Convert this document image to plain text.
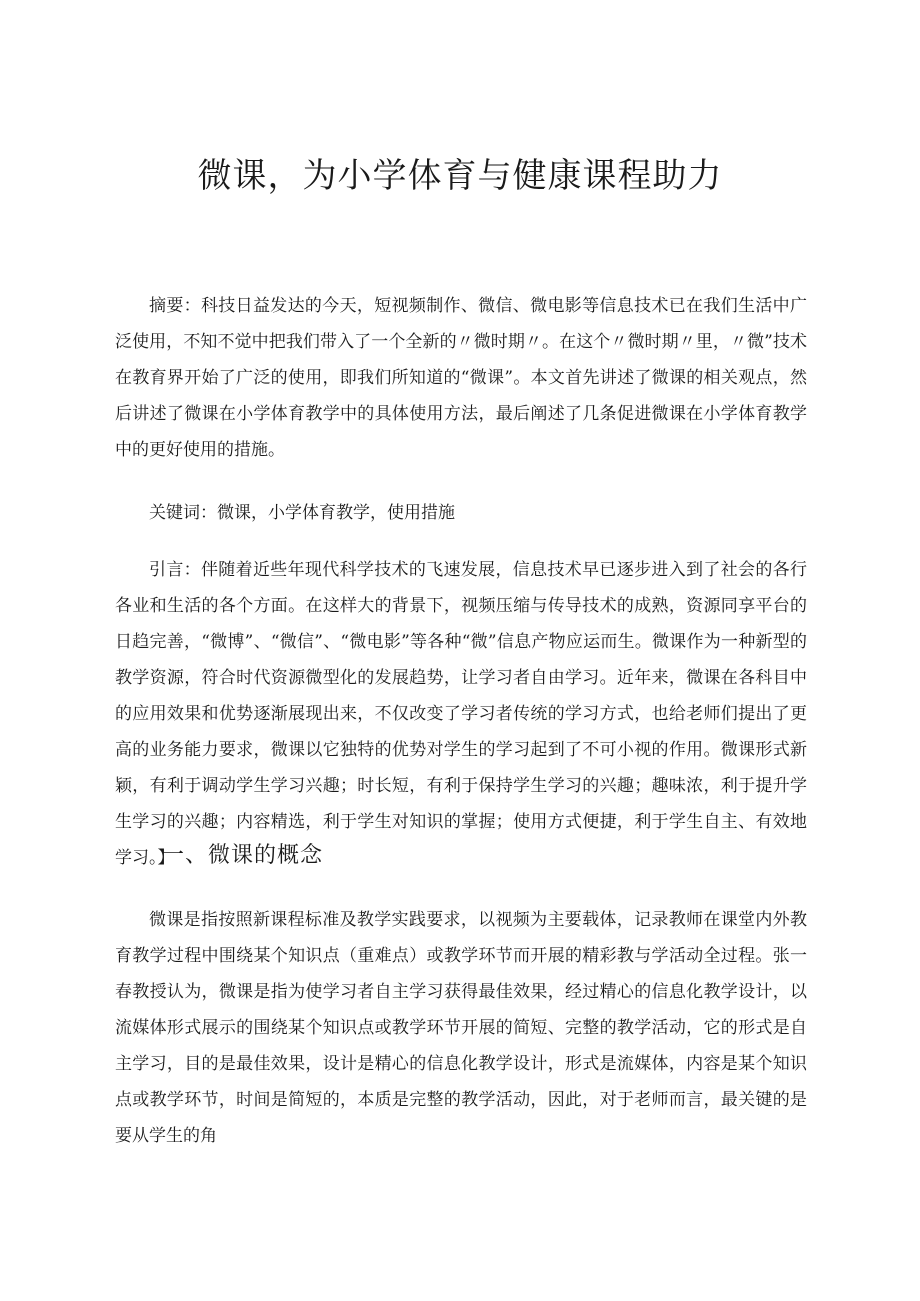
微课，为小学体育与健康课程助力

摘要：科技日益发达的今天，短视频制作、微信、微电影等信息技术已在我们生活中广泛使用，不知不觉中把我们带入了一个全新的〃微时期〃。在这个〃微时期〃里，〃微”技术在教育界开始了广泛的使用，即我们所知道的“微课”。本文首先讲述了微课的相关观点，然后讲述了微课在小学体育教学中的具体使用方法，最后阐述了几条促进微课在小学体育教学中的更好使用的措施。

关键词：微课，小学体育教学，使用措施

引言：伴随着近些年现代科学技术的飞速发展，信息技术早已逐步进入到了社会的各行各业和生活的各个方面。在这样大的背景下，视频压缩与传导技术的成熟，资源同享平台的日趋完善，“微博”、“微信”、“微电影”等各种“微”信息产物应运而生。微课作为一种新型的教学资源，符合时代资源微型化的发展趋势，让学习者自由学习。近年来，微课在各科目中的应用效果和优势逐渐展现出来，不仅改变了学习者传统的学习方式，也给老师们提出了更高的业务能力要求，微课以它独特的优势对学生的学习起到了不可小视的作用。微课形式新颖，有利于调动学生学习兴趣；时长短，有利于保持学生学习的兴趣；趣味浓，利于提升学生学习的兴趣；内容精选，利于学生对知识的掌握；使用方式便捷，利于学生自主、有效地学习。】

一、微课的概念

微课是指按照新课程标准及教学实践要求，以视频为主要载体，记录教师在课堂内外教育教学过程中围绕某个知识点（重难点）或教学环节而开展的精彩教与学活动全过程。张一春教授认为，微课是指为使学习者自主学习获得最佳效果，经过精心的信息化教学设计，以流媒体形式展示的围绕某个知识点或教学环节开展的简短、完整的教学活动，它的形式是自主学习，目的是最佳效果，设计是精心的信息化教学设计，形式是流媒体，内容是某个知识点或教学环节，时间是简短的，本质是完整的教学活动，因此，对于老师而言，最关键的是要从学生的角
